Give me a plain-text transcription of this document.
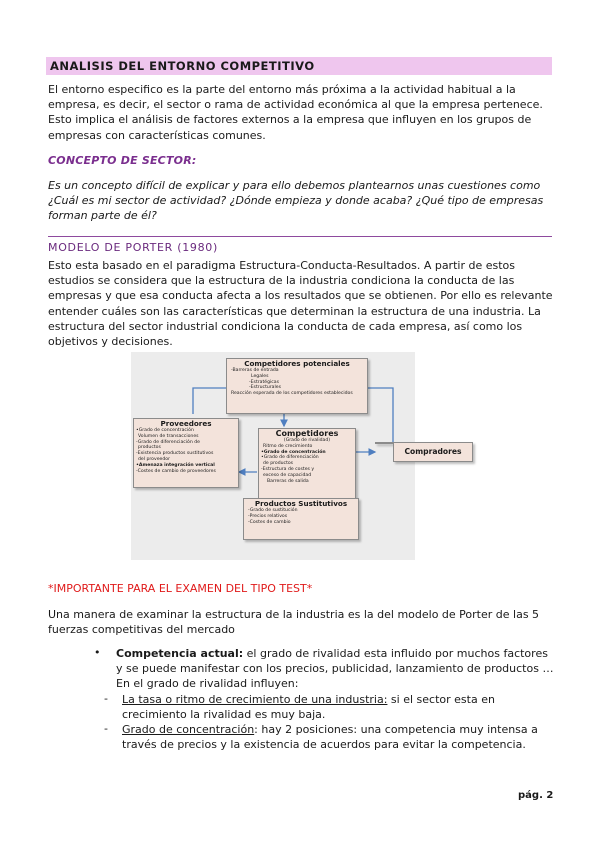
ANALISIS DEL ENTORNO COMPETITIVO
El entorno especifico es la parte del entorno más próxima a la actividad habitual a la empresa, es decir, el sector o rama de actividad económica al que la empresa pertenece. Esto implica el análisis de factores externos a la empresa que influyen en los grupos de empresas con características comunes.
CONCEPTO DE SECTOR:
Es un concepto difícil de explicar y para ello debemos plantearnos unas cuestiones como ¿Cuál es mi sector de actividad? ¿Dónde empieza y donde acaba? ¿Qué tipo de empresas forman parte de él?
MODELO DE PORTER (1980)
Esto esta basado en el paradigma Estructura-Conducta-Resultados. A partir de estos estudios se considera que la estructura de la industria condiciona la conducta de las empresas y que esa conducta afecta a los resultados que se obtienen. Por ello es relevante entender cuáles son las características que determinan la estructura de una industria. La estructura del sector industrial condiciona la conducta de cada empresa, así como los objetivos y decisiones.
Competidores potenciales
-Barreras de entrada
Legales
-Estratégicas
-Estructurales
Reacción esperada de los competidores establecidos
Proveedores
•Grado de concentración
Volumen de transacciones
-Grado de diferenciación de
productos
-Existencia productos sustitutivos
del proveedor
•Amenaza integración vertical
-Costes de cambio de proveedores
Competidores
(Grado de rivalidad)
Ritmo de crecimiento
•Grado de concentración
•Grado de diferenciación
de productos
-Estructura de costes y
exceso de capacidad
Barreras de salida
Productos Sustitutivos
-Grado de sustitución
-Precios relativos
-Costes de cambio
Compradores
*IMPORTANTE PARA EL EXAMEN DEL TIPO TEST*
Una manera de examinar la estructura de la industria es la del modelo de Porter de las 5 fuerzas competitivas del mercado
• Competencia actual: el grado de rivalidad esta influido por muchos factores y se puede manifestar con los precios, publicidad, lanzamiento de productos … En el grado de rivalidad influyen:
- La tasa o ritmo de crecimiento de una industria: si el sector esta en crecimiento la rivalidad es muy baja.
- Grado de concentración: hay 2 posiciones: una competencia muy intensa a través de precios y la existencia de acuerdos para evitar la competencia.
pág. 2
